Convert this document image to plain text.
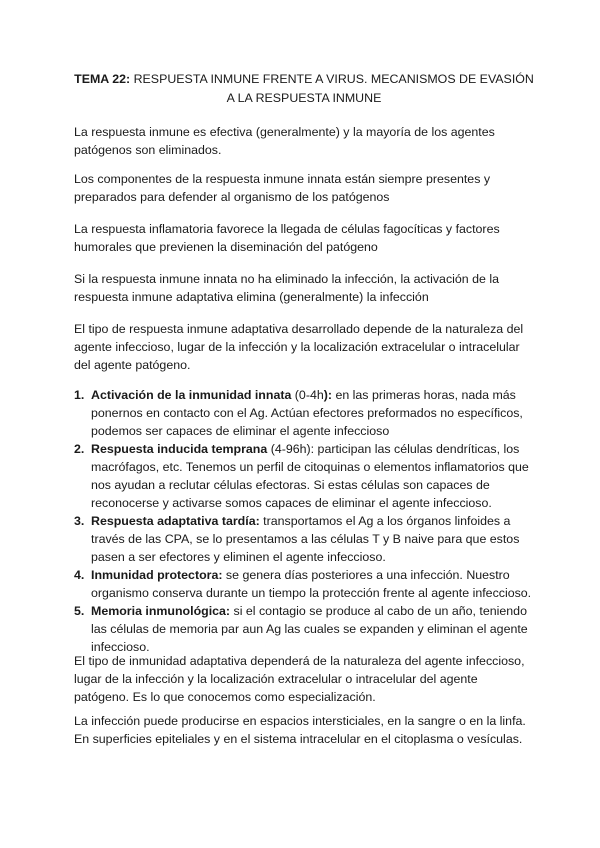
TEMA 22: RESPUESTA INMUNE FRENTE A VIRUS. MECANISMOS DE EVASIÓN A LA RESPUESTA INMUNE

La respuesta inmune es efectiva (generalmente) y la mayoría de los agentes patógenos son eliminados.

Los componentes de la respuesta inmune innata están siempre presentes y preparados para defender al organismo de los patógenos

La respuesta inflamatoria favorece la llegada de células fagocíticas y factores humorales que previenen la diseminación del patógeno

Si la respuesta inmune innata no ha eliminado la infección, la activación de la respuesta inmune adaptativa elimina (generalmente) la infección

El tipo de respuesta inmune adaptativa desarrollado depende de la naturaleza del agente infeccioso, lugar de la infección y la localización extracelular o intracelular del agente patógeno.

1. Activación de la inmunidad innata (0-4h): en las primeras horas, nada más ponernos en contacto con el Ag. Actúan efectores preformados no específicos, podemos ser capaces de eliminar el agente infeccioso
2. Respuesta inducida temprana (4-96h): participan las células dendríticas, los macrófagos, etc. Tenemos un perfil de citoquinas o elementos inflamatorios que nos ayudan a reclutar células efectoras. Si estas células son capaces de reconocerse y activarse somos capaces de eliminar el agente infeccioso.
3. Respuesta adaptativa tardía: transportamos el Ag a los órganos linfoides a través de las CPA, se lo presentamos a las células T y B naive para que estos pasen a ser efectores y eliminen el agente infeccioso.
4. Inmunidad protectora: se genera días posteriores a una infección. Nuestro organismo conserva durante un tiempo la protección frente al agente infeccioso.
5. Memoria inmunológica: si el contagio se produce al cabo de un año, teniendo las células de memoria par aun Ag las cuales se expanden y eliminan el agente infeccioso.

El tipo de inmunidad adaptativa dependerá de la naturaleza del agente infeccioso, lugar de la infección y la localización extracelular o intracelular del agente patógeno. Es lo que conocemos como especialización.

La infección puede producirse en espacios intersticiales, en la sangre o en la linfa. En superficies epiteliales y en el sistema intracelular en el citoplasma o vesículas.
